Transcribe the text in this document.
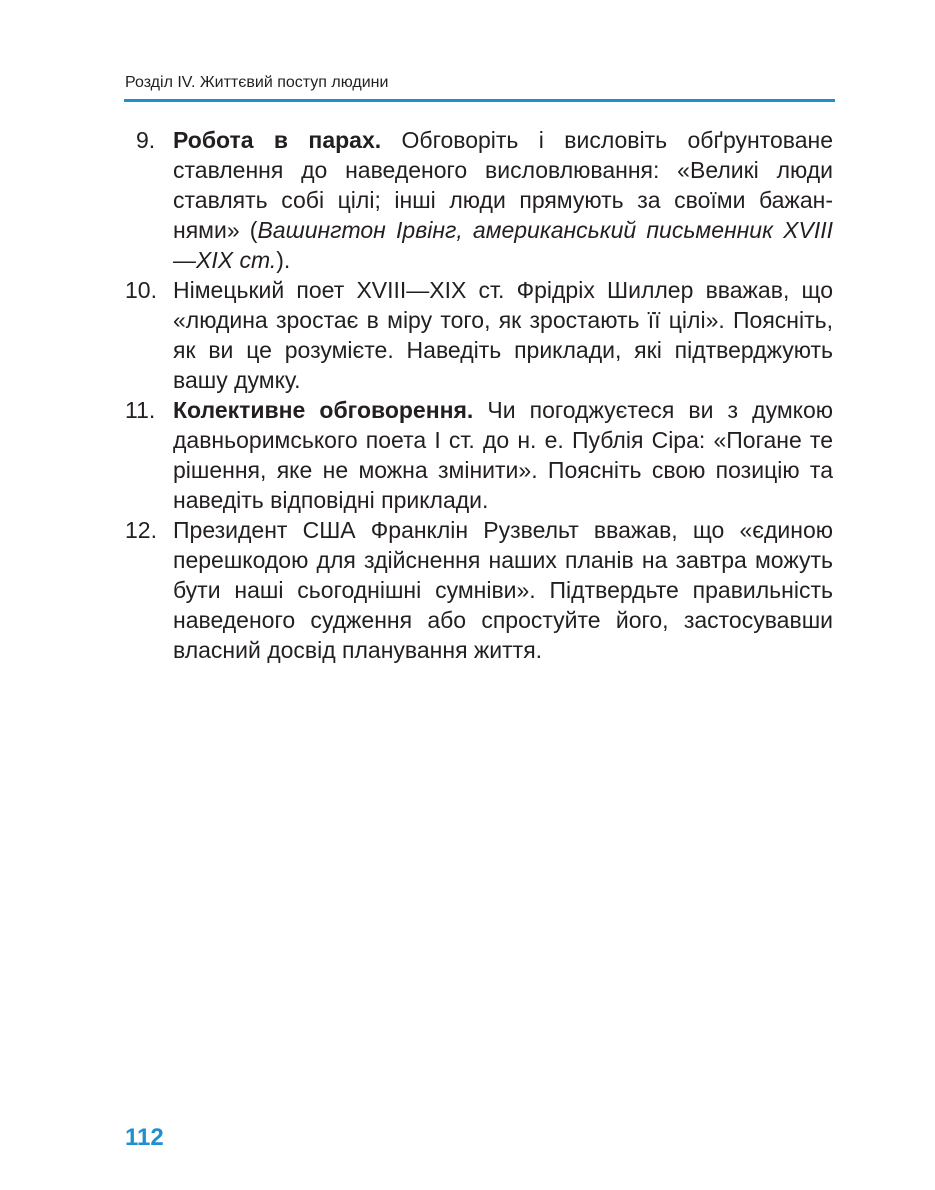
Розділ IV. Життєвий поступ людини
9. Робота в парах. Обговоріть і висловіть обґрунтоване ставлення до наведеного висловлювання: «Великі люди ставлять собі цілі; інші люди прямують за своїми бажаннями» (Вашингтон Ірвінг, американський письменник XVIII—XIX ст.).
10. Німецький поет XVIII—XIX ст. Фрідріх Шиллер вважав, що «людина зростає в міру того, як зростають її цілі». Поясніть, як ви це розумієте. Наведіть приклади, які підтверджують вашу думку.
11. Колективне обговорення. Чи погоджуєтеся ви з думкою давньоримського поета I ст. до н. е. Публія Сіра: «Погане те рішення, яке не можна змінити». Поясніть свою позицію та наведіть відповідні приклади.
12. Президент США Франклін Рузвельт вважав, що «єдиною перешкодою для здійснення наших планів на завтра можуть бути наші сьогоднішні сумніви». Підтвердьте правильність наведеного судження або спростуйте його, застосувавши власний досвід планування життя.
112
